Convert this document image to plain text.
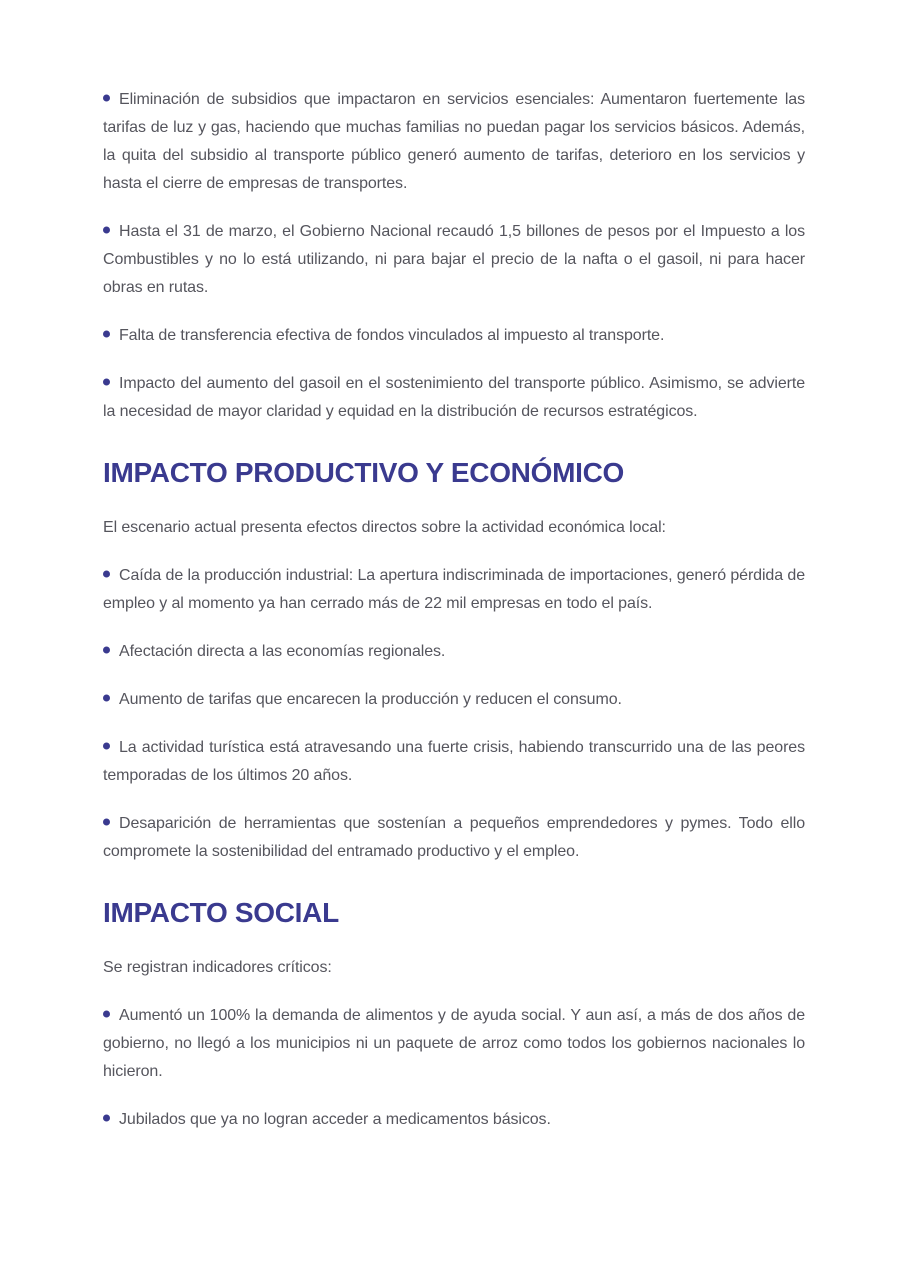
Eliminación de subsidios que impactaron en servicios esenciales: Aumentaron fuertemente las tarifas de luz y gas, haciendo que muchas familias no puedan pagar los servicios básicos. Además, la quita del subsidio al transporte público generó aumento de tarifas, deterioro en los servicios y hasta el cierre de empresas de transportes.

Hasta el 31 de marzo, el Gobierno Nacional recaudó 1,5 billones de pesos por el Impuesto a los Combustibles y no lo está utilizando, ni para bajar el precio de la nafta o el gasoil, ni para hacer obras en rutas.

Falta de transferencia efectiva de fondos vinculados al impuesto al transporte.

Impacto del aumento del gasoil en el sostenimiento del transporte público. Asimismo, se advierte la necesidad de mayor claridad y equidad en la distribución de recursos estratégicos.

IMPACTO PRODUCTIVO Y ECONÓMICO

El escenario actual presenta efectos directos sobre la actividad económica local:

Caída de la producción industrial: La apertura indiscriminada de importaciones, generó pérdida de empleo y al momento ya han cerrado más de 22 mil empresas en todo el país.

Afectación directa a las economías regionales.

Aumento de tarifas que encarecen la producción y reducen el consumo.

La actividad turística está atravesando una fuerte crisis, habiendo transcurrido una de las peores temporadas de los últimos 20 años.

Desaparición de herramientas que sostenían a pequeños emprendedores y pymes. Todo ello compromete la sostenibilidad del entramado productivo y el empleo.

IMPACTO SOCIAL

Se registran indicadores críticos:

Aumentó un 100% la demanda de alimentos y de ayuda social. Y aun así, a más de dos años de gobierno, no llegó a los municipios ni un paquete de arroz como todos los gobiernos nacionales lo hicieron.

Jubilados que ya no logran acceder a medicamentos básicos.
